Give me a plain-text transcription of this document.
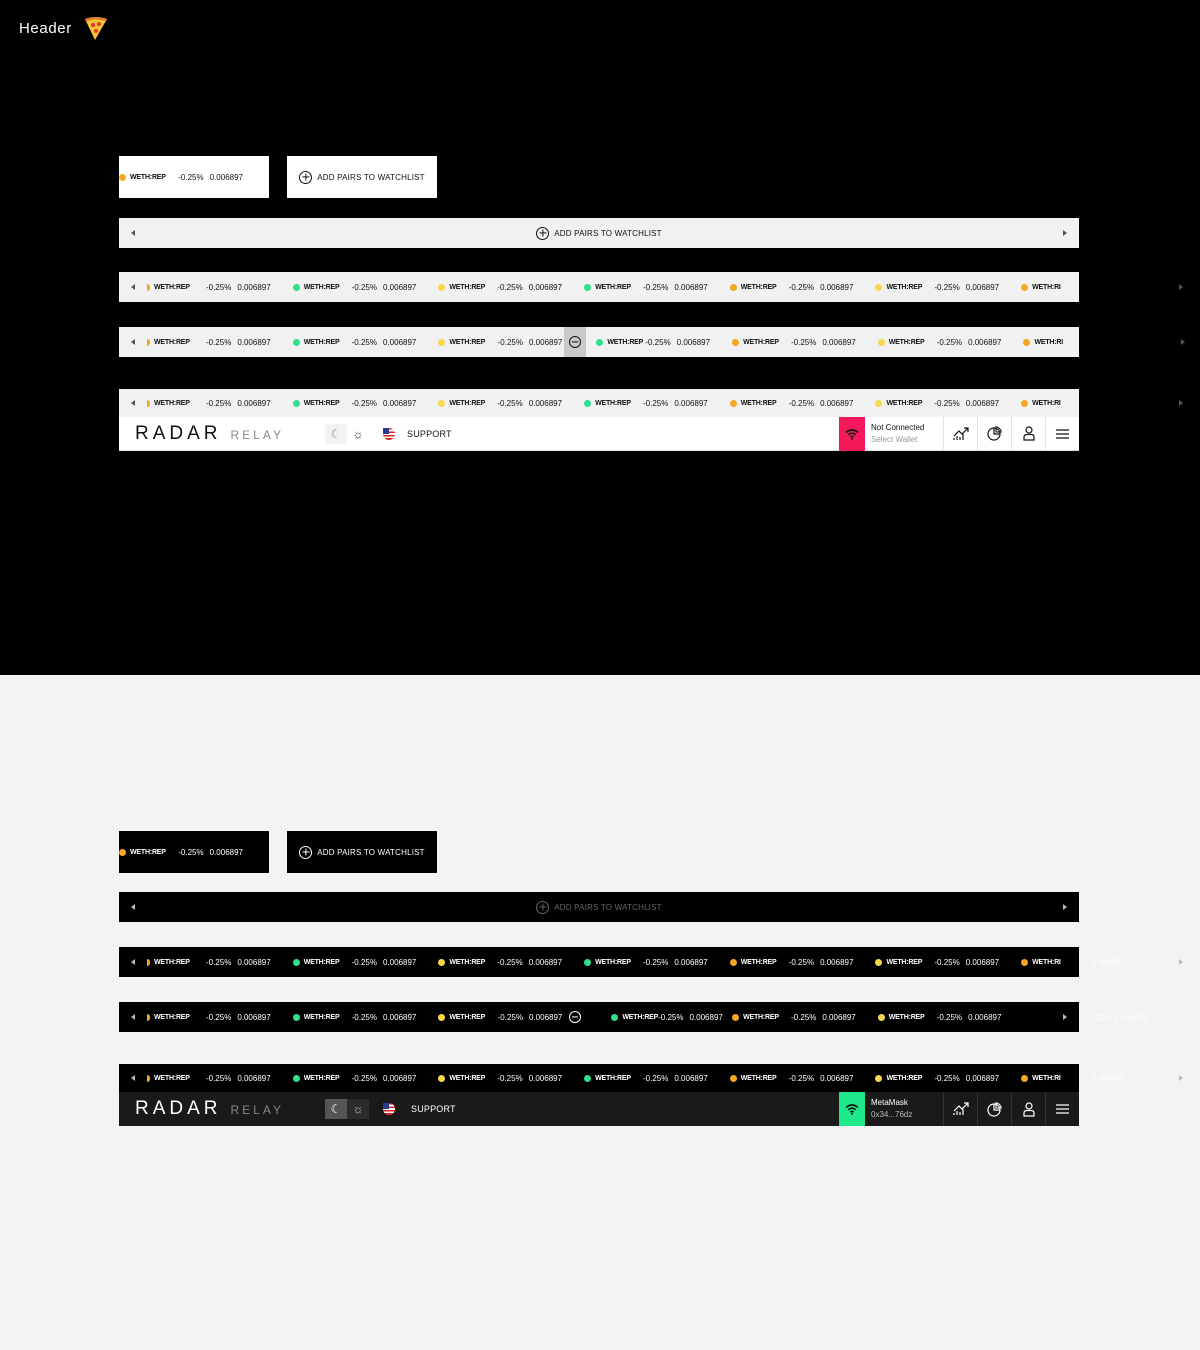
Header
WETH:REP -0.25% 0.006897	ADD PAIRS TO WATCHLIST
ADD PAIRS TO WATCHLIST
WETH:REP -0.25% 0.006897	WETH:REP -0.25% 0.006897	WETH:REP -0.25% 0.006897	WETH:REP -0.25% 0.006897	WETH:REP -0.25% 0.006897	WETH:REP -0.25% 0.006897	WETH:RI
WETH:REP -0.25% 0.006897	WETH:REP -0.25% 0.006897	WETH:REP -0.25% 0.006897	WETH:REP -0.25% 0.006897	WETH:REP -0.25% 0.006897	WETH:REP -0.25% 0.006897	WETH:RI
WETH:REP -0.25% 0.006897	WETH:REP -0.25% 0.006897	WETH:REP -0.25% 0.006897	WETH:REP -0.25% 0.006897	WETH:REP -0.25% 0.006897	WETH:REP -0.25% 0.006897	WETH:RI
RADAR RELAY	☾ ☼	SUPPORT
Not Connected
Select Wallet
WETH:REP -0.25% 0.006897	ADD PAIRS TO WATCHLIST
ADD PAIRS TO WATCHLIST
WETH:REP -0.25% 0.006897	WETH:REP -0.25% 0.006897	WETH:REP -0.25% 0.006897	WETH:REP -0.25% 0.006897	WETH:REP -0.25% 0.006897	WETH:REP -0.25% 0.006897	WETH:RI	0.006897
WETH:REP -0.25% 0.006897	WETH:REP -0.25% 0.006897	WETH:REP -0.25% 0.006897	WETH:REP -0.25% 0.006897	WETH:REP -0.25% 0.006897	WETH:REP -0.25% 0.006897	-0.25% 0.006897
WETH:REP -0.25% 0.006897	WETH:REP -0.25% 0.006897	WETH:REP -0.25% 0.006897	WETH:REP -0.25% 0.006897	WETH:REP -0.25% 0.006897	WETH:REP -0.25% 0.006897	WETH:RI	0.006897
RADAR RELAY	☾ ☼	SUPPORT
MetaMask
0x34...76dz
